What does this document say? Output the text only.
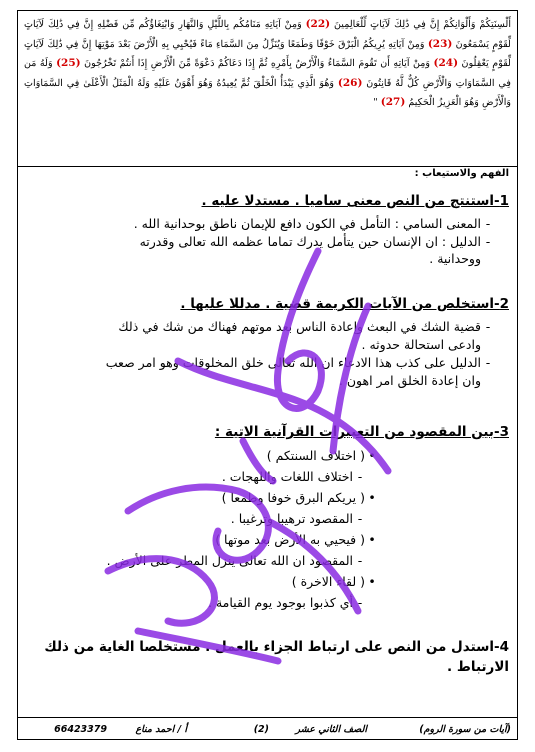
أَلْسِنَتِكُمْ وَأَلْوَانِكُمْ إِنَّ فِي ذَٰلِكَ لَآيَاتٍ لِّلْعَالِمِينَ (22) وَمِنْ آيَاتِهِ مَنَامُكُم بِاللَّيْلِ وَالنَّهَارِ وَابْتِغَاؤُكُم مِّن فَضْلِهِ إِنَّ فِي ذَٰلِكَ لَآيَاتٍ لِّقَوْمٍ يَسْمَعُونَ (23) وَمِنْ آيَاتِهِ يُرِيكُمُ الْبَرْقَ خَوْفًا وَطَمَعًا وَيُنَزِّلُ مِنَ السَّمَاءِ مَاءً فَيُحْيِي بِهِ الْأَرْضَ بَعْدَ مَوْتِهَا إِنَّ فِي ذَٰلِكَ لَآيَاتٍ لِّقَوْمٍ يَعْقِلُونَ (24) وَمِنْ آيَاتِهِ أَن تَقُومَ السَّمَاءُ وَالْأَرْضُ بِأَمْرِهِ ثُمَّ إِذَا دَعَاكُمْ دَعْوَةً مِّنَ الْأَرْضِ إِذَا أَنتُمْ تَخْرُجُونَ (25) وَلَهُ مَن فِي السَّمَاوَاتِ وَالْأَرْضِ كُلٌّ لَّهُ قَانِتُونَ (26) وَهُوَ الَّذِي يَبْدَأُ الْخَلْقَ ثُمَّ يُعِيدُهُ وَهُوَ أَهْوَنُ عَلَيْهِ وَلَهُ الْمَثَلُ الْأَعْلَىٰ فِي السَّمَاوَاتِ وَالْأَرْضِ وَهُوَ الْعَزِيزُ الْحَكِيمُ (27) "
الفهم والاستيعاب :
1-استنتج من النص معنى ساميا . مستدلا عليه .
-المعنى السامي : التأمل في الكون دافع للإيمان ناطق بوحدانية الله .
-الدليل : ان الإنسان حين يتأمل يدرك تماما عظمه الله تعالى وقدرته
ووحدانية .
2-استخلص من الآيات الكريمة قضية . مدللا عليها .
-قضية الشك في البعث وإعادة الناس بعد موتهم فهناك من شك في ذلك
وادعى استحالة حدوثه .
-الدليل على كذب هذا الادعاء ان الله تعالى خلق المخلوقات وهو امر صعب
وان إعادة الخلق امر اهون .
3-بين المقصود من التعبيرات القرآنية الاتية :
•( اختلاف السنتكم )
-اختلاف اللغات واللهجات .
•( يريكم البرق خوفا وطمعا )
-المقصود ترهيبا وترغيبا .
•( فيحيي به الأرض بعد موتها )
-المقصود ان الله تعالى ينزل المطر على الأرض .
•( لقاء الاخرة )
-أي كذبوا بوجود يوم القيامة .
4-استدل من النص على ارتباط الجزاء بالعمل . مستخلصا الغاية من ذلك
الارتباط .
(آيات من سورة الروم)
الصف الثاني عشر
(2)
أ / احمد مناع
66423379
